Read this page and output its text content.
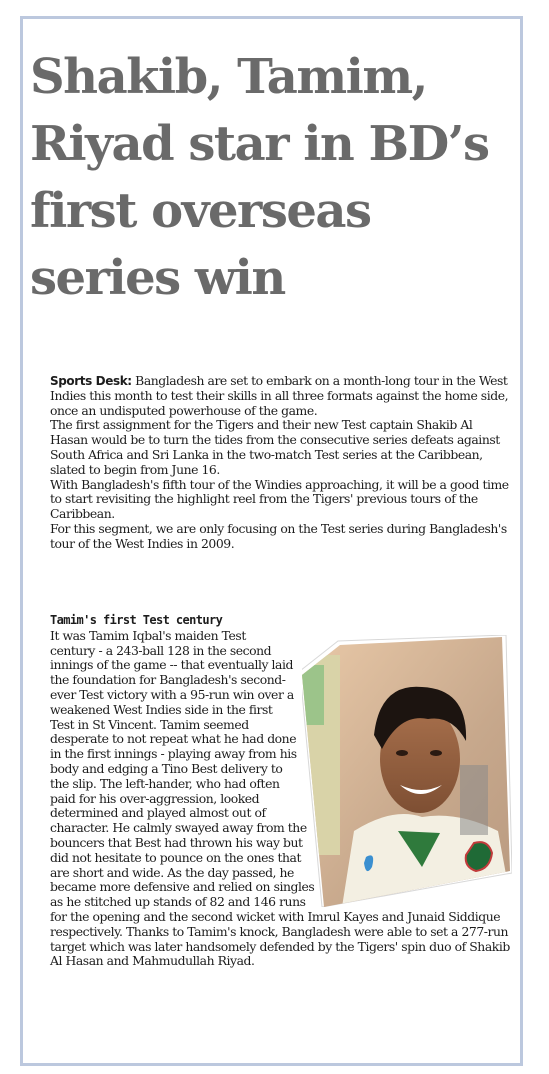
Shakib, Tamim, Riyad star in BD’s first overseas series win

Sports Desk: Bangladesh are set to embark on a month-long tour in the West Indies this month to test their skills in all three formats against the home side, once an undisputed powerhouse of the game.

The first assignment for the Tigers and their new Test captain Shakib Al Hasan would be to turn the tides from the consecutive series defeats against South Africa and Sri Lanka in the two-match Test series at the Caribbean, slated to begin from June 16.

With Bangladesh's fifth tour of the Windies approaching, it will be a good time to start revisiting the highlight reel from the Tigers' previous tours of the Caribbean.

For this segment, we are only focusing on the Test series during Bangladesh's tour of the West Indies in 2009.

Tamim's first Test century

It was Tamim Iqbal's maiden Test century - a 243-ball 128 in the second innings of the game -- that eventually laid the foundation for Bangladesh's second-ever Test victory with a 95-run win over a weakened West Indies side in the first Test in St Vincent. Tamim seemed desperate to not repeat what he had done in the first innings - playing away from his body and edging a Tino Best delivery to the slip. The left-hander, who had often paid for his over-aggression, looked determined and played almost out of character. He calmly swayed away from the bouncers that Best had thrown his way but did not hesitate to pounce on the ones that are short and wide. As the day passed, he became more defensive and relied on singles as he stitched up stands of 82 and 146 runs for the opening and the second wicket with Imrul Kayes and Junaid Siddique respectively. Thanks to Tamim's knock, Bangladesh were able to set a 277-run target which was later handsomely defended by the Tigers' spin duo of Shakib Al Hasan and Mahmudullah Riyad.
